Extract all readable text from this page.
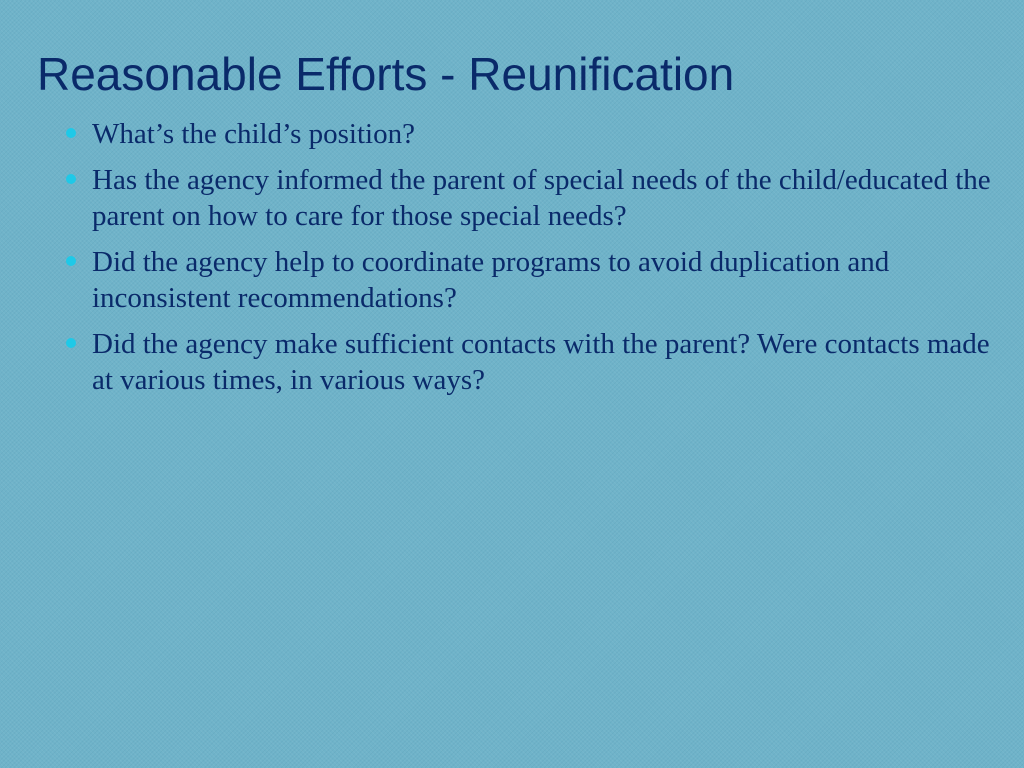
Reasonable Efforts - Reunification
What’s the child’s position?
Has the agency informed the parent of special needs of the child/educated the parent on how to care for those special needs?
Did the agency help to coordinate programs to avoid duplication and inconsistent recommendations?
Did the agency make sufficient contacts with the parent? Were contacts made at various times, in various ways?
